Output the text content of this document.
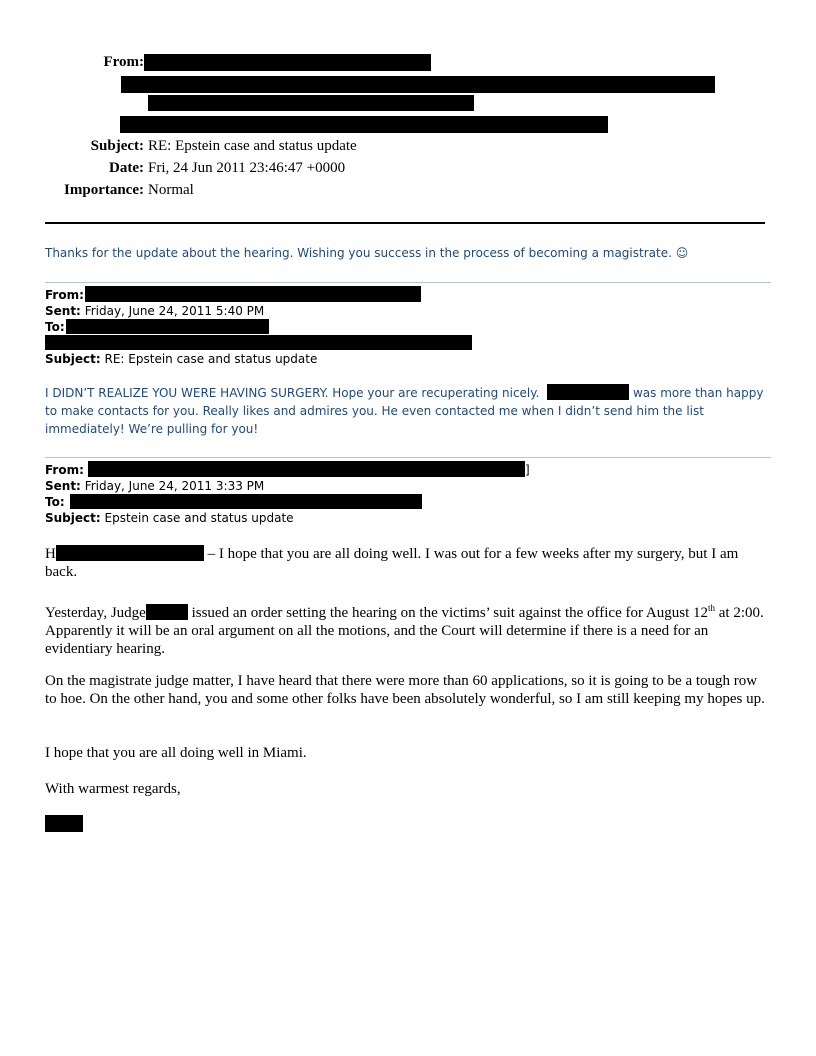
From:
Subject: RE: Epstein case and status update
Date: Fri, 24 Jun 2011 23:46:47 +0000
Importance: Normal
Thanks for the update about the hearing. Wishing you success in the process of becoming a magistrate. ☺
From:
Sent: Friday, June 24, 2011 5:40 PM
To:
Subject: RE: Epstein case and status update
I DIDN’T REALIZE YOU WERE HAVING SURGERY. Hope your are recuperating nicely.	was more than happy to make contacts for you. Really likes and admires you. He even contacted me when I didn’t send him the list immediately! We’re pulling for you!
From:	]
Sent: Friday, June 24, 2011 3:33 PM
To:
Subject: Epstein case and status update
H	– I hope that you are all doing well. I was out for a few weeks after my surgery, but I am back.
Yesterday, Judge	issued an order setting the hearing on the victims’ suit against the office for August 12th at 2:00. Apparently it will be an oral argument on all the motions, and the Court will determine if there is a need for an evidentiary hearing.
On the magistrate judge matter, I have heard that there were more than 60 applications, so it is going to be a tough row to hoe. On the other hand, you and some other folks have been absolutely wonderful, so I am still keeping my hopes up.
I hope that you are all doing well in Miami.
With warmest regards,
